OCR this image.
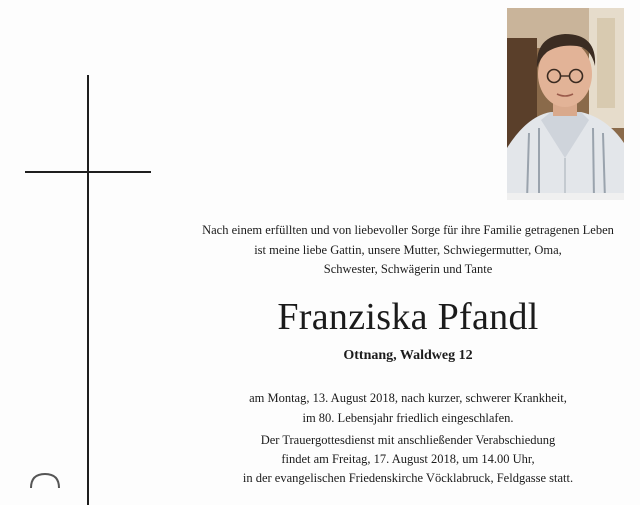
Nach einem erfüllten und von liebevoller Sorge für ihre Familie getragenen Leben
ist meine liebe Gattin, unsere Mutter, Schwiegermutter, Oma,
Schwester, Schwägerin und Tante
Franziska Pfandl
Ottnang, Waldweg 12
am Montag, 13. August 2018, nach kurzer, schwerer Krankheit,
im 80. Lebensjahr friedlich eingeschlafen.
Der Trauergottesdienst mit anschließender Verabschiedung
findet am Freitag, 17. August 2018, um 14.00 Uhr,
in der evangelischen Friedenskirche Vöcklabruck, Feldgasse statt.
